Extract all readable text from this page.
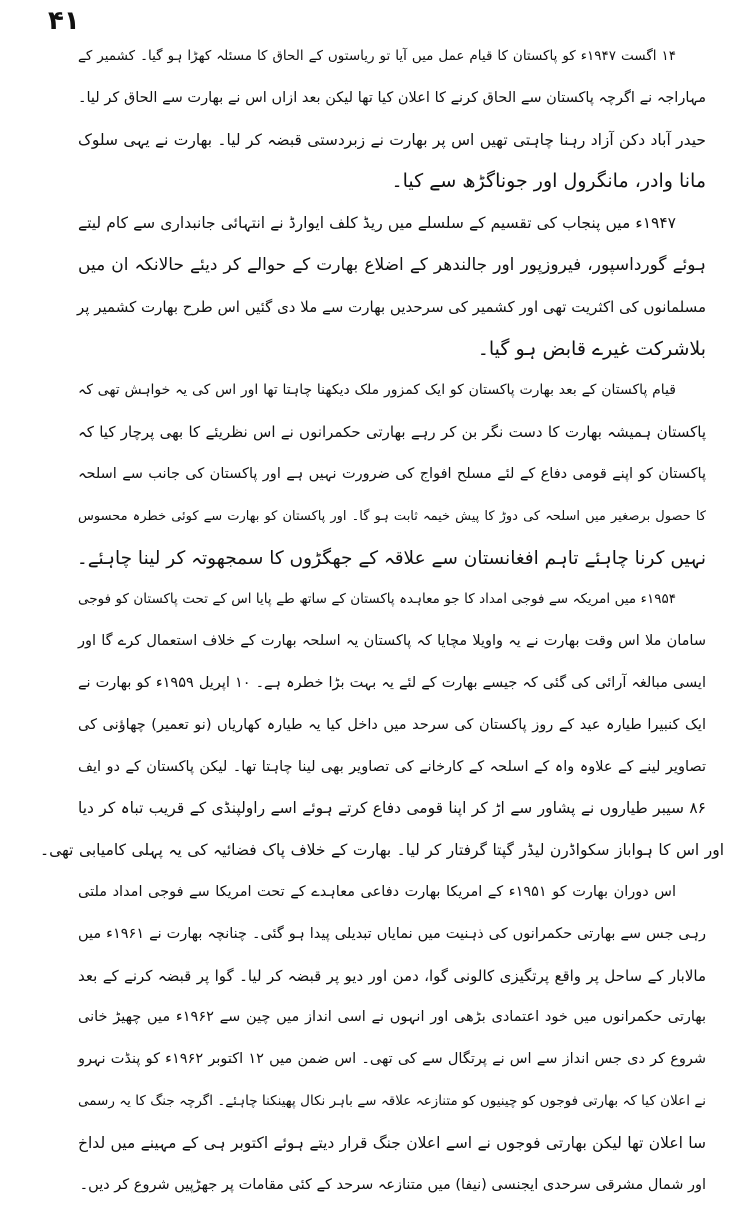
۴۱
۱۴ اگست ۱۹۴۷ء کو پاکستان کا قیام عمل میں آیا تو ریاستوں کے الحاق کا مسئلہ کھڑا ہو گیا۔ کشمیر کے
مہاراجہ نے اگرچہ پاکستان سے الحاق کرنے کا اعلان کیا تھا لیکن بعد ازاں اس نے بھارت سے الحاق کر لیا۔
حیدر آباد دکن آزاد رہنا چاہتی تھیں اس پر بھارت نے زبردستی قبضہ کر لیا۔ بھارت نے یہی سلوک
مانا وادر، مانگرول اور جوناگڑھ سے کیا۔
۱۹۴۷ء میں پنجاب کی تقسیم کے سلسلے میں ریڈ کلف ایوارڈ نے انتہائی جانبداری سے کام لیتے
ہوئے گورداسپور، فیروزپور اور جالندھر کے اضلاع بھارت کے حوالے کر دیئے حالانکہ ان میں
مسلمانوں کی اکثریت تھی اور کشمیر کی سرحدیں بھارت سے ملا دی گئیں اس طرح بھارت کشمیر پر
بلاشرکت غیرے قابض ہو گیا۔
قیام پاکستان کے بعد بھارت پاکستان کو ایک کمزور ملک دیکھنا چاہتا تھا اور اس کی یہ خواہش تھی کہ
پاکستان ہمیشہ بھارت کا دست نگر بن کر رہے بھارتی حکمرانوں نے اس نظریئے کا بھی پرچار کیا کہ
پاکستان کو اپنے قومی دفاع کے لئے مسلح افواج کی ضرورت نہیں ہے اور پاکستان کی جانب سے اسلحہ
کا حصول برصغیر میں اسلحہ کی دوڑ کا پیش خیمہ ثابت ہو گا۔ اور پاکستان کو بھارت سے کوئی خطرہ محسوس
نہیں کرنا چاہئے تاہم افغانستان سے علاقہ کے جھگڑوں کا سمجھوتہ کر لینا چاہئے۔
۱۹۵۴ء میں امریکہ سے فوجی امداد کا جو معاہدہ پاکستان کے ساتھ طے پایا اس کے تحت پاکستان کو فوجی
سامان ملا اس وقت بھارت نے یہ واویلا مچایا کہ پاکستان یہ اسلحہ بھارت کے خلاف استعمال کرے گا اور
ایسی مبالغہ آرائی کی گئی کہ جیسے بھارت کے لئے یہ بہت بڑا خطرہ ہے۔ ۱۰ اپریل ۱۹۵۹ء کو بھارت نے
ایک کنبیرا طیارہ عید کے روز پاکستان کی سرحد میں داخل کیا یہ طیارہ کھاریاں (نو تعمیر) چھاؤنی کی
تصاویر لینے کے علاوہ واہ کے اسلحہ کے کارخانے کی تصاویر بھی لینا چاہتا تھا۔ لیکن پاکستان کے دو ایف
۸۶ سیبر طیاروں نے پشاور سے اڑ کر اپنا قومی دفاع کرتے ہوئے اسے راولپنڈی کے قریب تباہ کر دیا
اور اس کا ہواباز سکواڈرن لیڈر گپتا گرفتار کر لیا۔ بھارت کے خلاف پاک فضائیہ کی یہ پہلی کامیابی تھی۔
اس دوران بھارت کو ۱۹۵۱ء کے امریکا بھارت دفاعی معاہدے کے تحت امریکا سے فوجی امداد ملتی
رہی جس سے بھارتی حکمرانوں کی ذہنیت میں نمایاں تبدیلی پیدا ہو گئی۔ چنانچہ بھارت نے ۱۹۶۱ء میں
مالابار کے ساحل پر واقع پرتگیزی کالونی گوا، دمن اور دیو پر قبضہ کر لیا۔ گوا پر قبضہ کرنے کے بعد
بھارتی حکمرانوں میں خود اعتمادی بڑھی اور انہوں نے اسی انداز میں چین سے ۱۹۶۲ء میں چھیڑ خانی
شروع کر دی جس انداز سے اس نے پرتگال سے کی تھی۔ اس ضمن میں ۱۲ اکتوبر ۱۹۶۲ء کو پنڈت نہرو
نے اعلان کیا کہ بھارتی فوجوں کو چینیوں کو متنازعہ علاقہ سے باہر نکال پھینکنا چاہئے۔ اگرچہ جنگ کا یہ رسمی
سا اعلان تھا لیکن بھارتی فوجوں نے اسے اعلان جنگ قرار دیتے ہوئے اکتوبر ہی کے مہینے میں لداخ
اور شمال مشرقی سرحدی ایجنسی (نیفا) میں متنازعہ سرحد کے کئی مقامات پر جھڑپیں شروع کر دیں۔
